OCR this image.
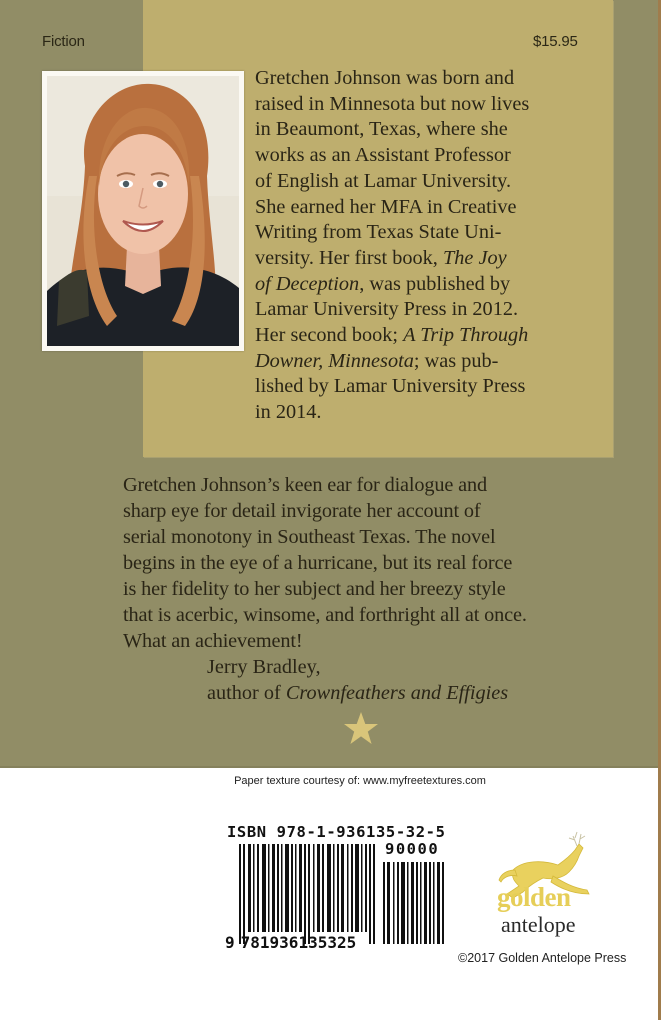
Fiction	$15.95

Gretchen Johnson was born and

raised in Minnesota but now lives

in Beaumont, Texas, where she

works as an Assistant Professor

of English at Lamar University.

She earned her MFA in Creative

Writing from Texas State Uni-

versity. Her first book, The Joy

of Deception, was published by

Lamar University Press in 2012.

Her second book; A Trip Through

Downer, Minnesota; was pub-

lished by Lamar University Press

in 2014.

Gretchen Johnson’s keen ear for dialogue and

sharp eye for detail invigorate her account of

serial monotony in Southeast Texas. The novel

begins in the eye of a hurricane, but its real force

is her fidelity to her subject and her breezy style

that is acerbic, winsome, and forthright all at once.

What an achievement!

Jerry Bradley,

author of Crownfeathers and Effigies

Paper texture courtesy of: www.myfreetextures.com
ISBN 978-1-936135-32-5
90000
9 781936135325
golden
antelope
©2017 Golden Antelope Press
